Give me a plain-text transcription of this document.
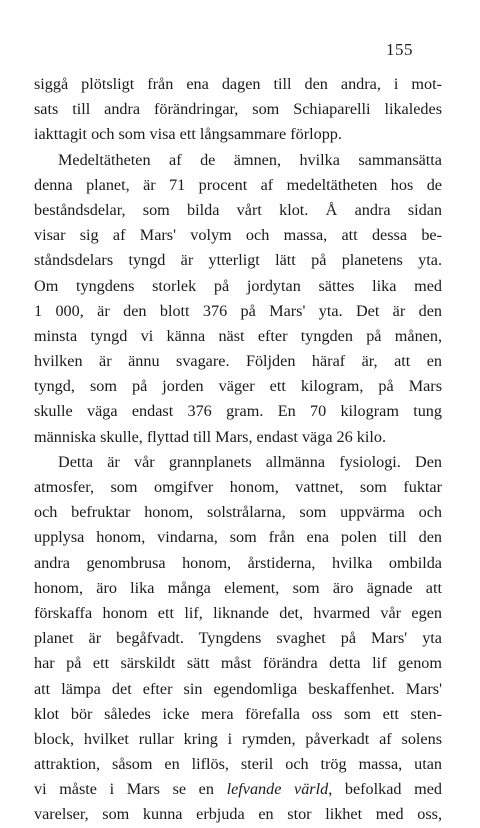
155
siggå plötsligt från ena dagen till den andra, i mot-
sats till andra förändringar, som Schiaparelli likaledes
iakttagit och som visa ett långsammare förlopp.
Medeltätheten af de ämnen, hvilka sammansätta
denna planet, är 71 procent af medeltätheten hos de
beståndsdelar, som bilda vårt klot. Å andra sidan
visar sig af Mars' volym och massa, att dessa be-
ståndsdelars tyngd är ytterligt lätt på planetens yta.
Om tyngdens storlek på jordytan sättes lika med
1 000, är den blott 376 på Mars' yta. Det är den
minsta tyngd vi känna näst efter tyngden på månen,
hvilken är ännu svagare. Följden häraf är, att en
tyngd, som på jorden väger ett kilogram, på Mars
skulle väga endast 376 gram. En 70 kilogram tung
människa skulle, flyttad till Mars, endast väga 26 kilo.
Detta är vår grannplanets allmänna fysiologi. Den
atmosfer, som omgifver honom, vattnet, som fuktar
och befruktar honom, solstrålarna, som uppvärma och
upplysa honom, vindarna, som från ena polen till den
andra genombrusa honom, årstiderna, hvilka ombilda
honom, äro lika många element, som äro ägnade att
förskaffa honom ett lif, liknande det, hvarmed vår egen
planet är begåfvadt. Tyngdens svaghet på Mars' yta
har på ett särskildt sätt måst förändra detta lif genom
att lämpa det efter sin egendomliga beskaffenhet. Mars'
klot bör således icke mera förefalla oss som ett sten-
block, hvilket rullar kring i rymden, påverkadt af solens
attraktion, såsom en liflös, steril och trög massa, utan
vi måste i Mars se en lefvande värld, befolkad med
varelser, som kunna erbjuda en stor likhet med oss,
